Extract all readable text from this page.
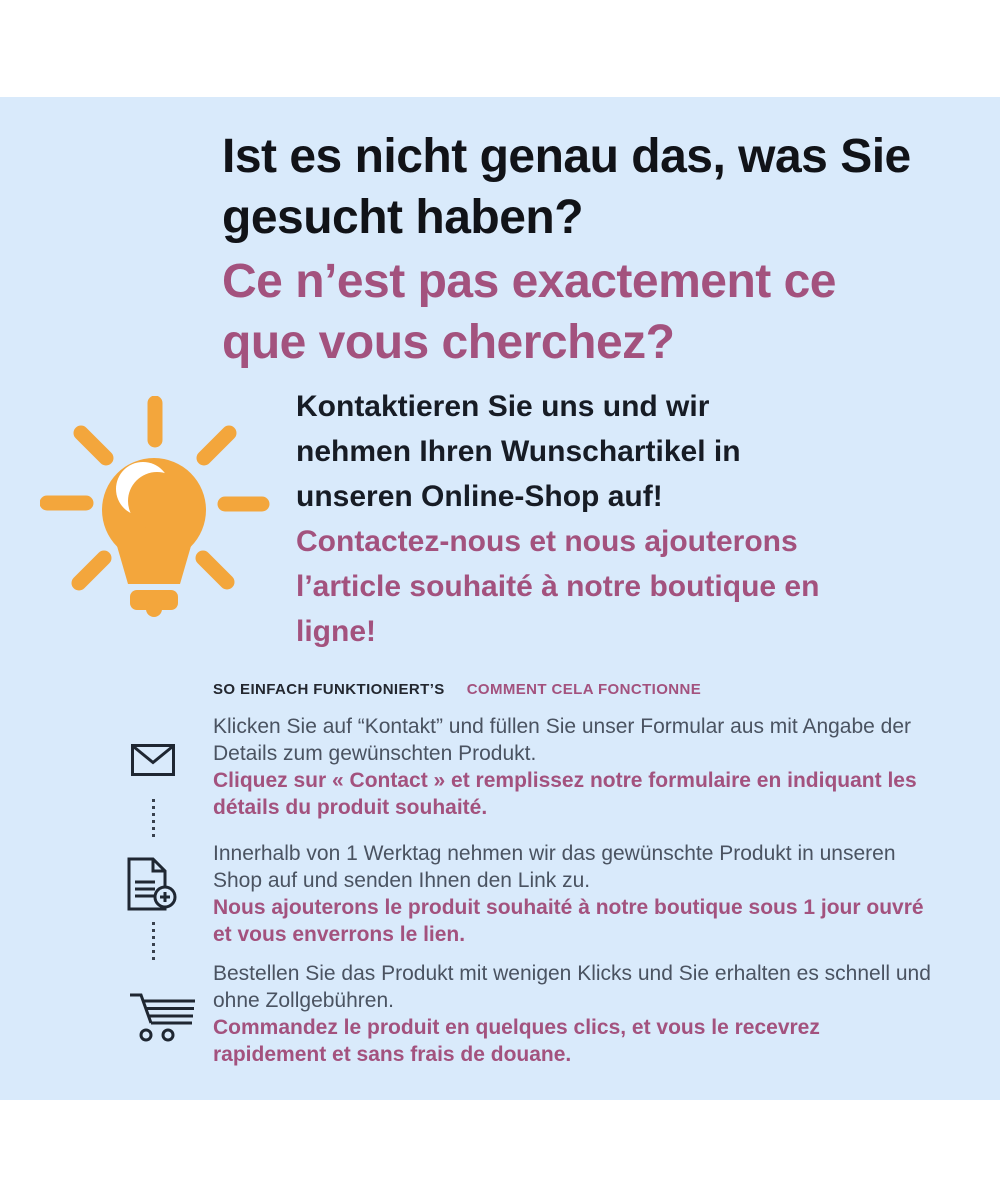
Ist es nicht genau das, was Sie gesucht haben?
Ce n’est pas exactement ce que vous cherchez?

Kontaktieren Sie uns und wir nehmen Ihren Wunschartikel in unseren Online-Shop auf!

Contactez-nous et nous ajouterons l’article souhaité à notre boutique en ligne!

SO EINFACH FUNKTIONIERT’S COMMENT CELA FONCTIONNE

Klicken Sie auf “Kontakt” und füllen Sie unser Formular aus mit Angabe der Details zum gewünschten Produkt.

Cliquez sur « Contact » et remplissez notre formulaire en indiquant les détails du produit souhaité.

Innerhalb von 1 Werktag nehmen wir das gewünschte Produkt in unseren Shop auf und senden Ihnen den Link zu.

Nous ajouterons le produit souhaité à notre boutique sous 1 jour ouvré et vous enverrons le lien.

Bestellen Sie das Produkt mit wenigen Klicks und Sie erhalten es schnell und ohne Zollgebühren.

Commandez le produit en quelques clics, et vous le recevrez rapidement et sans frais de douane.
